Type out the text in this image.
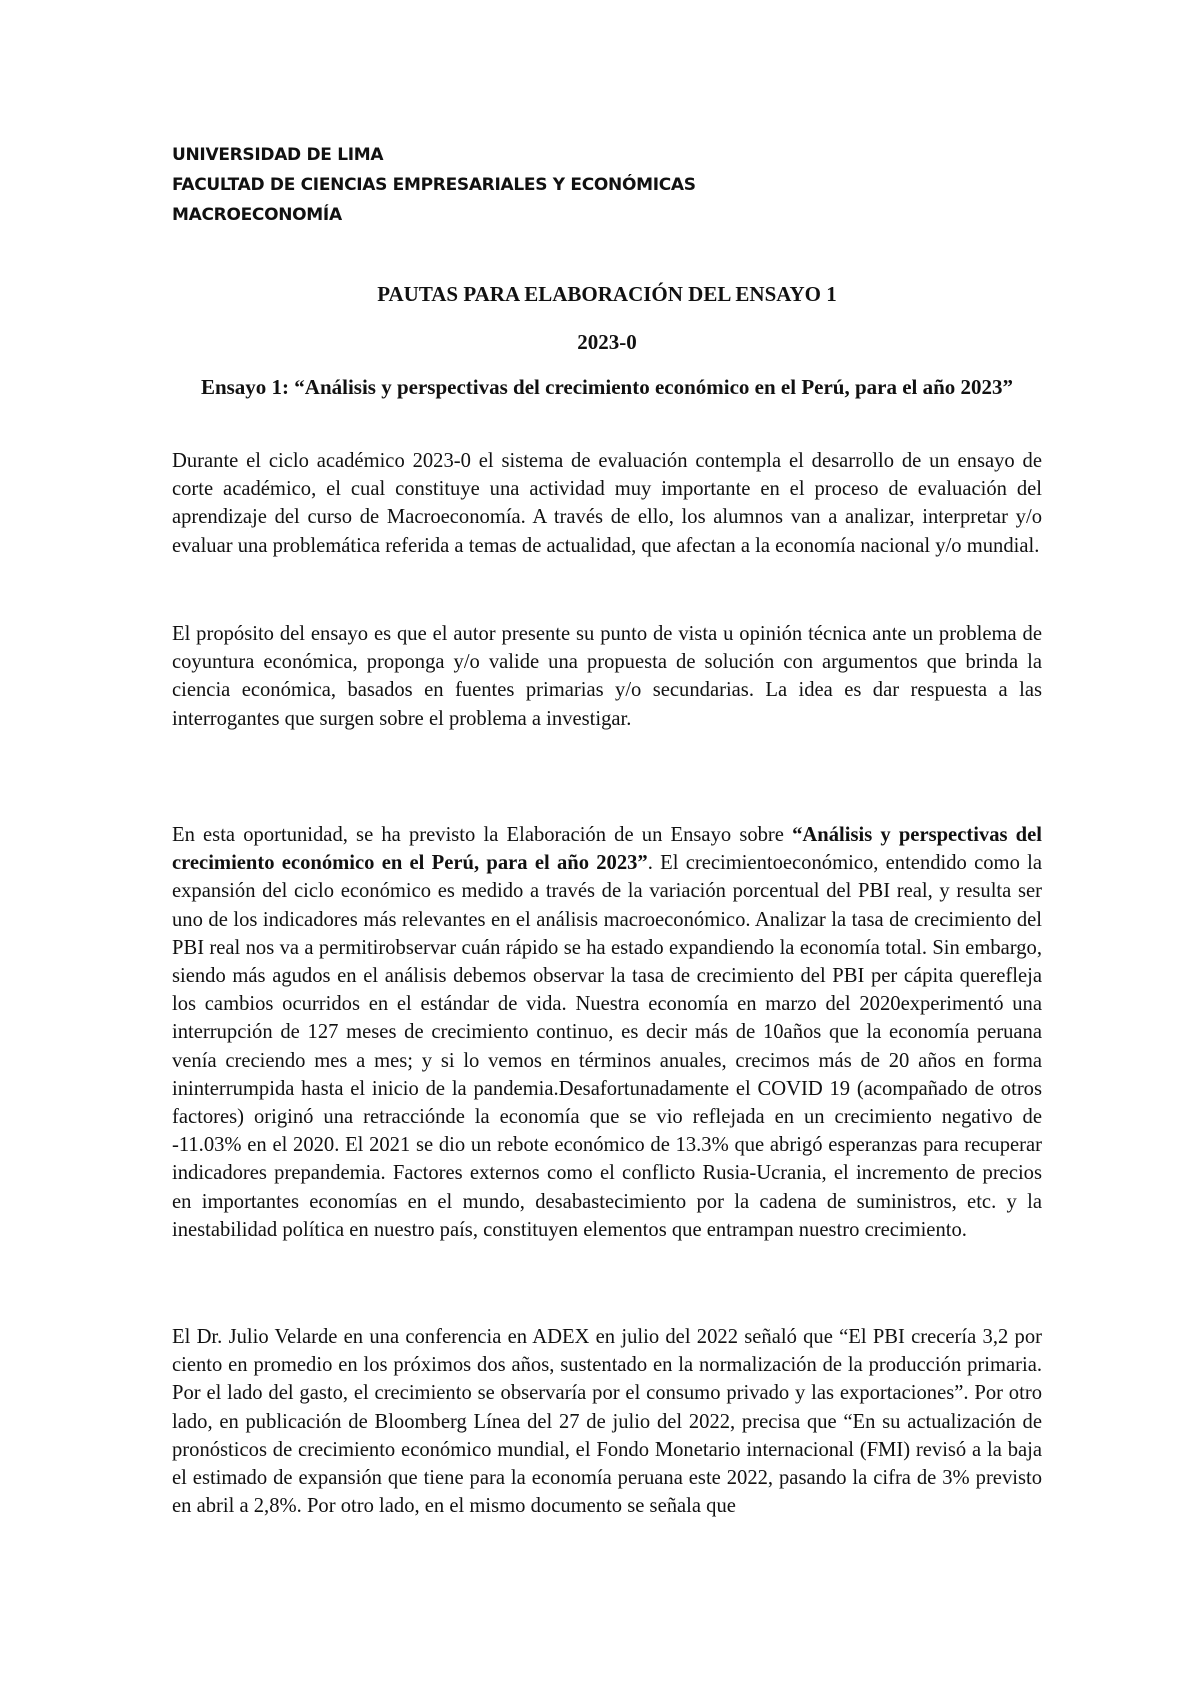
UNIVERSIDAD DE LIMA

FACULTAD DE CIENCIAS EMPRESARIALES Y ECONÓMICAS

MACROECONOMÍA

PAUTAS PARA ELABORACIÓN DEL ENSAYO 1

2023-0

Ensayo 1: “Análisis y perspectivas del crecimiento económico en el Perú, para el año 2023”

Durante el ciclo académico 2023-0 el sistema de evaluación contempla el desarrollo de un ensayo de corte académico, el cual constituye una actividad muy importante en el proceso de evaluación del aprendizaje del curso de Macroeconomía. A través de ello, los alumnos van a analizar, interpretar y/o evaluar una problemática referida a temas de actualidad, que afectan a la economía nacional y/o mundial.

El propósito del ensayo es que el autor presente su punto de vista u opinión técnica ante un problema de coyuntura económica, proponga y/o valide una propuesta de solución con argumentos que brinda la ciencia económica, basados en fuentes primarias y/o secundarias. La idea es dar respuesta a las interrogantes que surgen sobre el problema a investigar.

En esta oportunidad, se ha previsto la Elaboración de un Ensayo sobre “Análisis y perspectivas del crecimiento económico en el Perú, para el año 2023”. El crecimientoeconómico, entendido como la expansión del ciclo económico es medido a través de la variación porcentual del PBI real, y resulta ser uno de los indicadores más relevantes en el análisis macroeconómico. Analizar la tasa de crecimiento del PBI real nos va a permitirobservar cuán rápido se ha estado expandiendo la economía total. Sin embargo, siendo más agudos en el análisis debemos observar la tasa de crecimiento del PBI per cápita querefleja los cambios ocurridos en el estándar de vida. Nuestra economía en marzo del 2020experimentó una interrupción de 127 meses de crecimiento continuo, es decir más de 10años que la economía peruana venía creciendo mes a mes; y si lo vemos en términos anuales, crecimos más de 20 años en forma ininterrumpida hasta el inicio de la pandemia.Desafortunadamente el COVID 19 (acompañado de otros factores) originó una retracciónde la economía que se vio reflejada en un crecimiento negativo de -11.03% en el 2020. El 2021 se dio un rebote económico de 13.3% que abrigó esperanzas para recuperar indicadores prepandemia. Factores externos como el conflicto Rusia-Ucrania, el incremento de precios en importantes economías en el mundo, desabastecimiento por la cadena de suministros, etc. y la inestabilidad política en nuestro país, constituyen elementos que entrampan nuestro crecimiento.

El Dr. Julio Velarde en una conferencia en ADEX en julio del 2022 señaló que “El PBI crecería 3,2 por ciento en promedio en los próximos dos años, sustentado en la normalización de la producción primaria. Por el lado del gasto, el crecimiento se observaría por el consumo privado y las exportaciones”. Por otro lado, en publicación de Bloomberg Línea del 27 de julio del 2022, precisa que “En su actualización de pronósticos de crecimiento económico mundial, el Fondo Monetario internacional (FMI) revisó a la baja el estimado de expansión que tiene para la economía peruana este 2022, pasando la cifra de 3% previsto en abril a 2,8%. Por otro lado, en el mismo documento se señala que
